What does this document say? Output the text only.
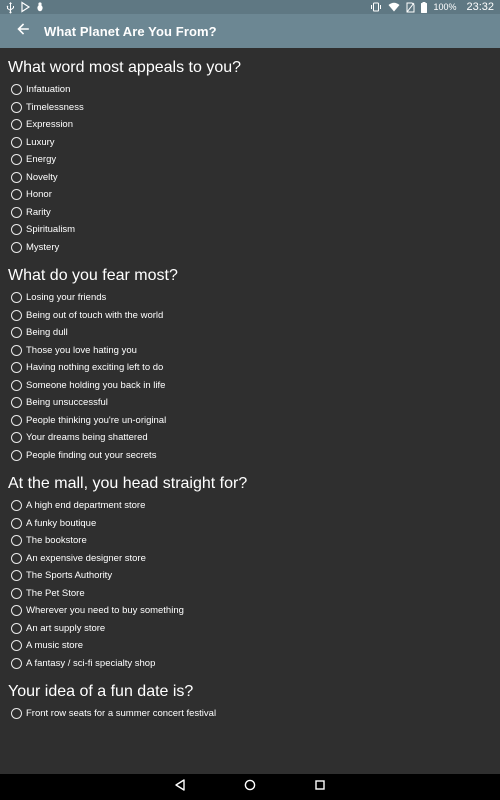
100% 23:32
What Planet Are You From?
What word most appeals to you?
Infatuation
Timelessness
Expression
Luxury
Energy
Novelty
Honor
Rarity
Spiritualism
Mystery
What do you fear most?
Losing your friends
Being out of touch with the world
Being dull
Those you love hating you
Having nothing exciting left to do
Someone holding you back in life
Being unsuccessful
People thinking you're un-original
Your dreams being shattered
People finding out your secrets
At the mall, you head straight for?
A high end department store
A funky boutique
The bookstore
An expensive designer store
The Sports Authority
The Pet Store
Wherever you need to buy something
An art supply store
A music store
A fantasy / sci-fi specialty shop
Your idea of a fun date is?
Front row seats for a summer concert festival
